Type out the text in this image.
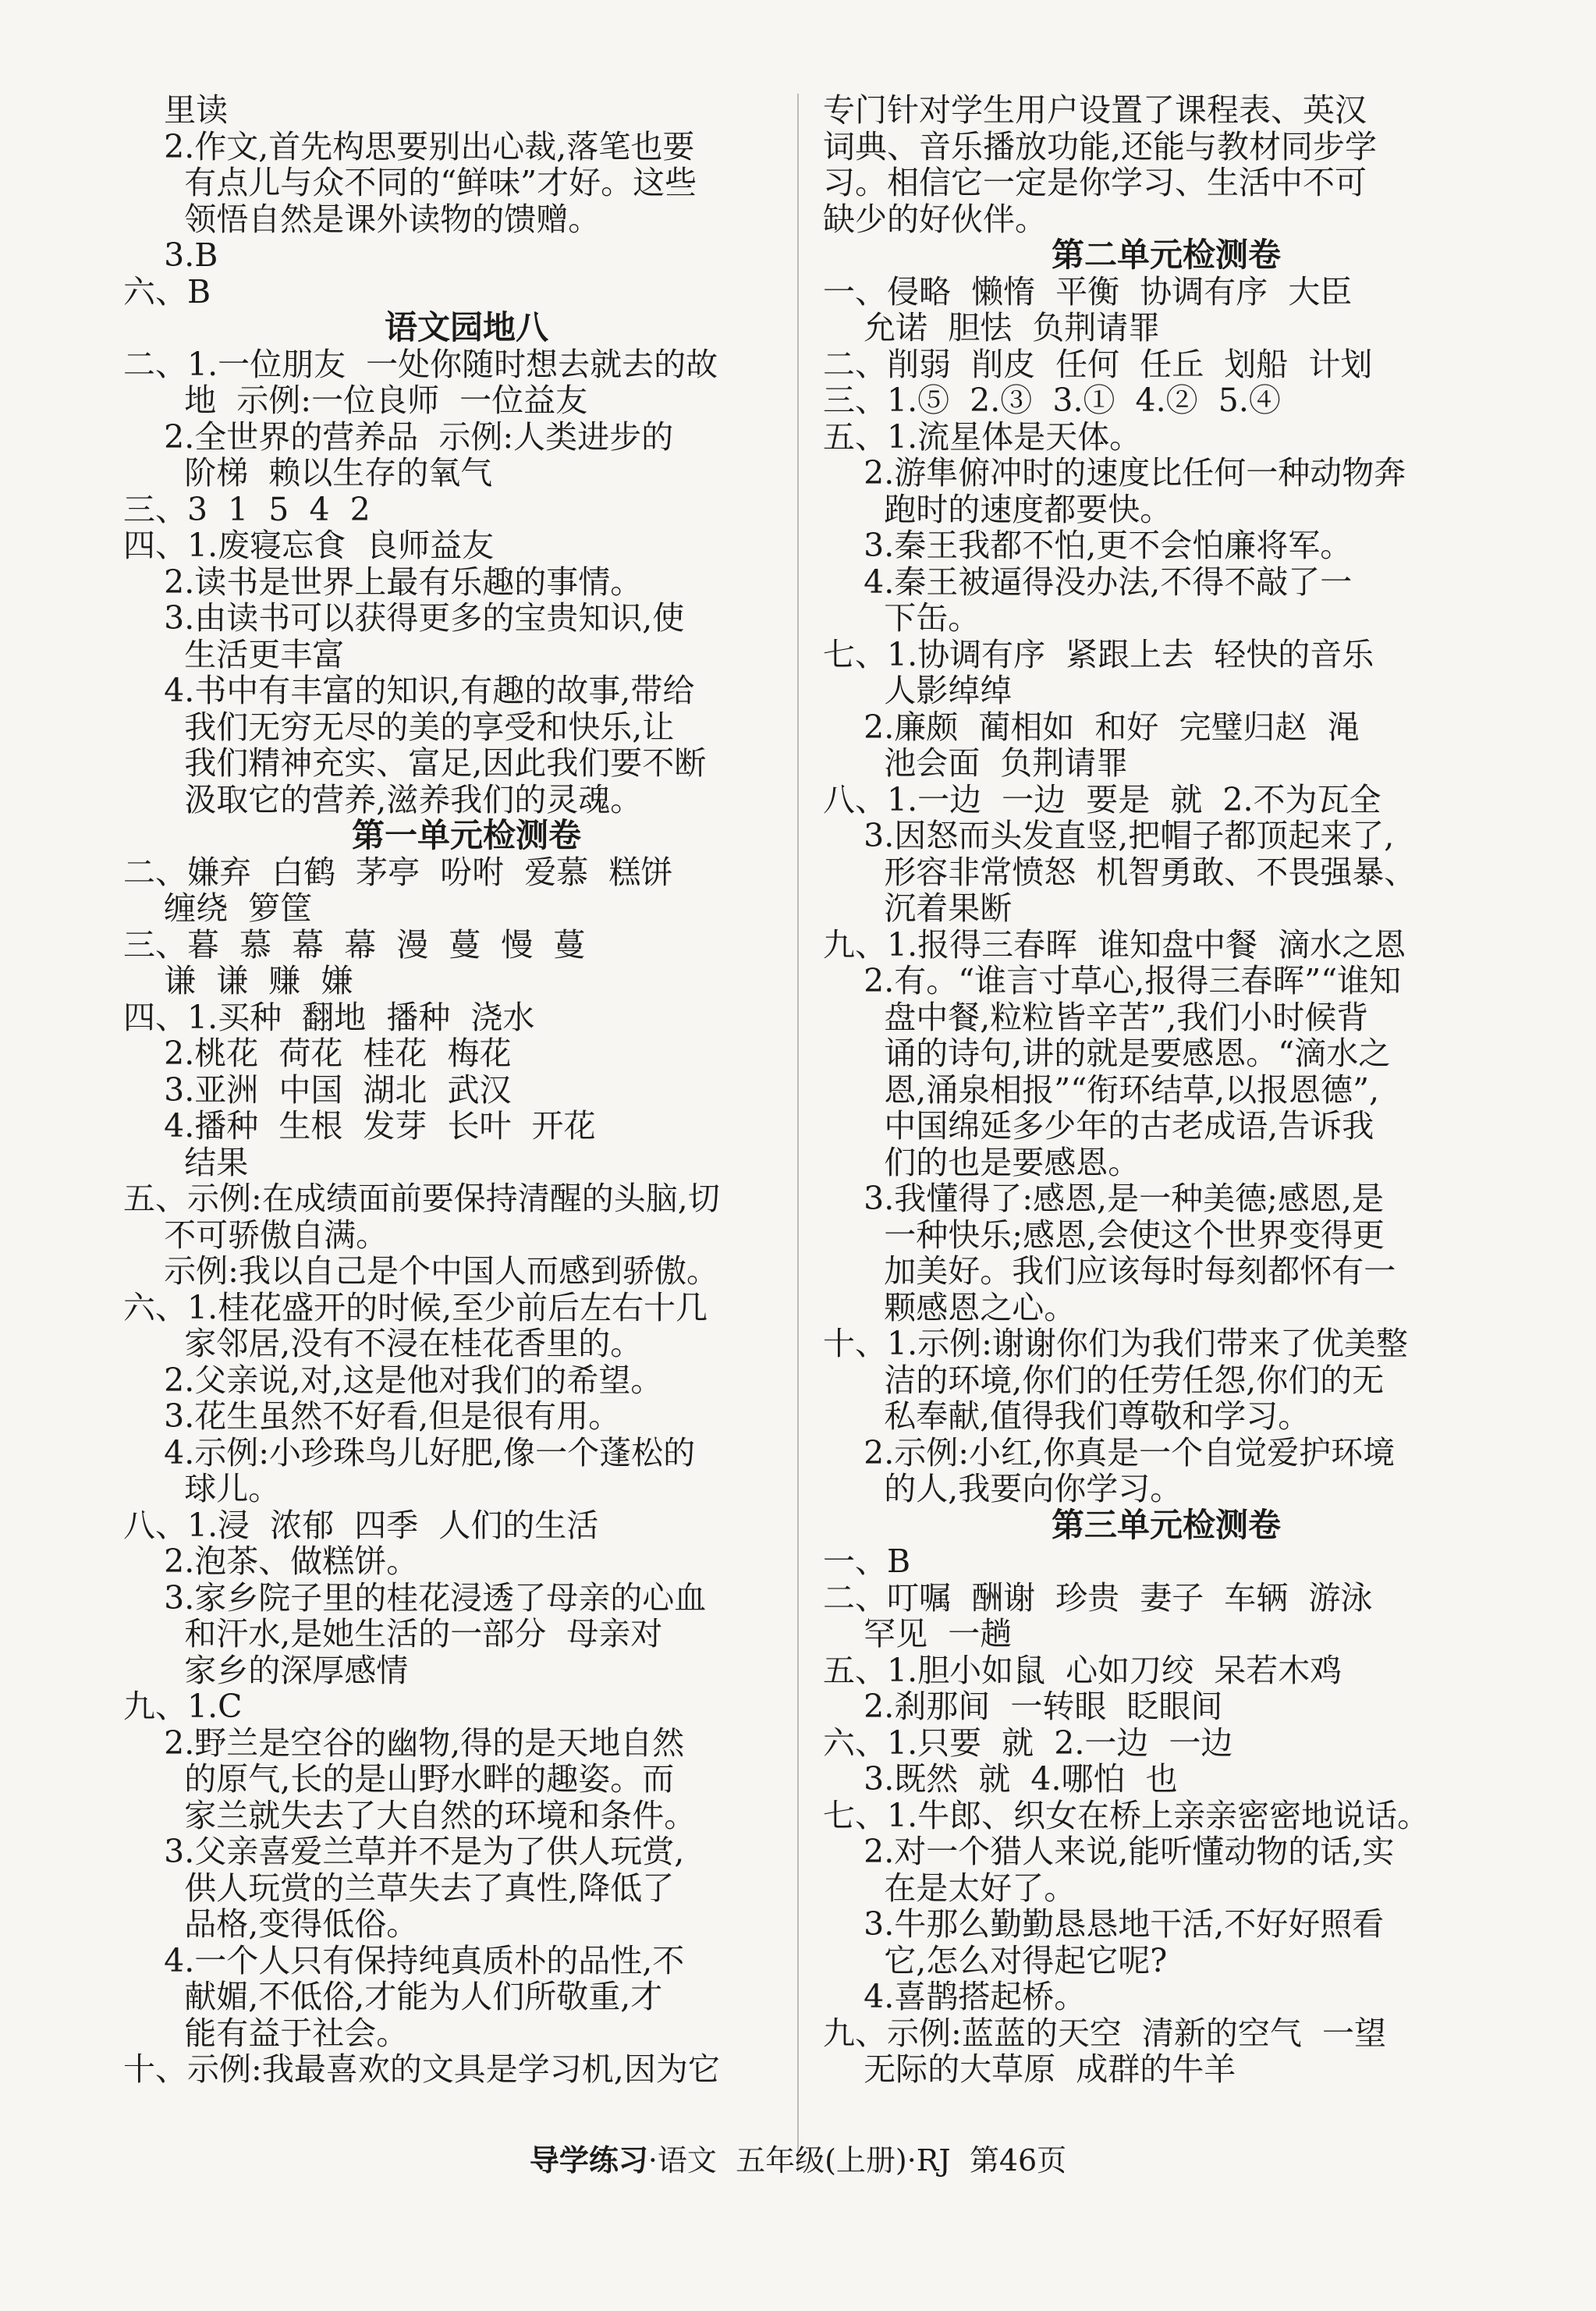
里读
2.作文,首先构思要别出心裁,落笔也要
有点儿与众不同的“鲜味”才好。这些
领悟自然是课外读物的馈赠。
3.B
六、B
语文园地八
二、1.一位朋友  一处你随时想去就去的故
地  示例:一位良师  一位益友
2.全世界的营养品  示例:人类进步的
阶梯  赖以生存的氧气
三、3  1  5  4  2
四、1.废寝忘食  良师益友
2.读书是世界上最有乐趣的事情。
3.由读书可以获得更多的宝贵知识,使
生活更丰富
4.书中有丰富的知识,有趣的故事,带给
我们无穷无尽的美的享受和快乐,让
我们精神充实、富足,因此我们要不断
汲取它的营养,滋养我们的灵魂。
第一单元检测卷
二、嫌弃  白鹤  茅亭  吩咐  爱慕  糕饼
缠绕  箩筐
三、暮  慕  幕  幕  漫  蔓  慢  蔓
谦  谦  赚  嫌
四、1.买种  翻地  播种  浇水
2.桃花  荷花  桂花  梅花
3.亚洲  中国  湖北  武汉
4.播种  生根  发芽  长叶  开花
结果
五、示例:在成绩面前要保持清醒的头脑,切
不可骄傲自满。
示例:我以自己是个中国人而感到骄傲。
六、1.桂花盛开的时候,至少前后左右十几
家邻居,没有不浸在桂花香里的。
2.父亲说,对,这是他对我们的希望。
3.花生虽然不好看,但是很有用。
4.示例:小珍珠鸟儿好肥,像一个蓬松的
球儿。
八、1.浸  浓郁  四季  人们的生活
2.泡茶、做糕饼。
3.家乡院子里的桂花浸透了母亲的心血
和汗水,是她生活的一部分  母亲对
家乡的深厚感情
九、1.C
2.野兰是空谷的幽物,得的是天地自然
的原气,长的是山野水畔的趣姿。而
家兰就失去了大自然的环境和条件。
3.父亲喜爱兰草并不是为了供人玩赏,
供人玩赏的兰草失去了真性,降低了
品格,变得低俗。
4.一个人只有保持纯真质朴的品性,不
献媚,不低俗,才能为人们所敬重,才
能有益于社会。
十、示例:我最喜欢的文具是学习机,因为它
专门针对学生用户设置了课程表、英汉
词典、音乐播放功能,还能与教材同步学
习。相信它一定是你学习、生活中不可
缺少的好伙伴。
第二单元检测卷
一、侵略  懒惰  平衡  协调有序  大臣
允诺  胆怯  负荆请罪
二、削弱  削皮  任何  任丘  划船  计划
三、1.⑤  2.③  3.①  4.②  5.④
五、1.流星体是天体。
2.游隼俯冲时的速度比任何一种动物奔
跑时的速度都要快。
3.秦王我都不怕,更不会怕廉将军。
4.秦王被逼得没办法,不得不敲了一
下缶。
七、1.协调有序  紧跟上去  轻快的音乐
人影绰绰
2.廉颇  蔺相如  和好  完璧归赵  渑
池会面  负荆请罪
八、1.一边  一边  要是  就  2.不为瓦全
3.因怒而头发直竖,把帽子都顶起来了,
形容非常愤怒  机智勇敢、不畏强暴、
沉着果断
九、1.报得三春晖  谁知盘中餐  滴水之恩
2.有。“谁言寸草心,报得三春晖”“谁知
盘中餐,粒粒皆辛苦”,我们小时候背
诵的诗句,讲的就是要感恩。“滴水之
恩,涌泉相报”“衔环结草,以报恩德”,
中国绵延多少年的古老成语,告诉我
们的也是要感恩。
3.我懂得了:感恩,是一种美德;感恩,是
一种快乐;感恩,会使这个世界变得更
加美好。我们应该每时每刻都怀有一
颗感恩之心。
十、1.示例:谢谢你们为我们带来了优美整
洁的环境,你们的任劳任怨,你们的无
私奉献,值得我们尊敬和学习。
2.示例:小红,你真是一个自觉爱护环境
的人,我要向你学习。
第三单元检测卷
一、B
二、叮嘱  酬谢  珍贵  妻子  车辆  游泳
罕见  一趟
五、1.胆小如鼠  心如刀绞  呆若木鸡
2.刹那间  一转眼  眨眼间
六、1.只要  就  2.一边  一边
3.既然  就  4.哪怕  也
七、1.牛郎、织女在桥上亲亲密密地说话。
2.对一个猎人来说,能听懂动物的话,实
在是太好了。
3.牛那么勤勤恳恳地干活,不好好照看
它,怎么对得起它呢?
4.喜鹊搭起桥。
九、示例:蓝蓝的天空  清新的空气  一望
无际的大草原  成群的牛羊
导学练习·语文  五年级(上册)·RJ  第46页
